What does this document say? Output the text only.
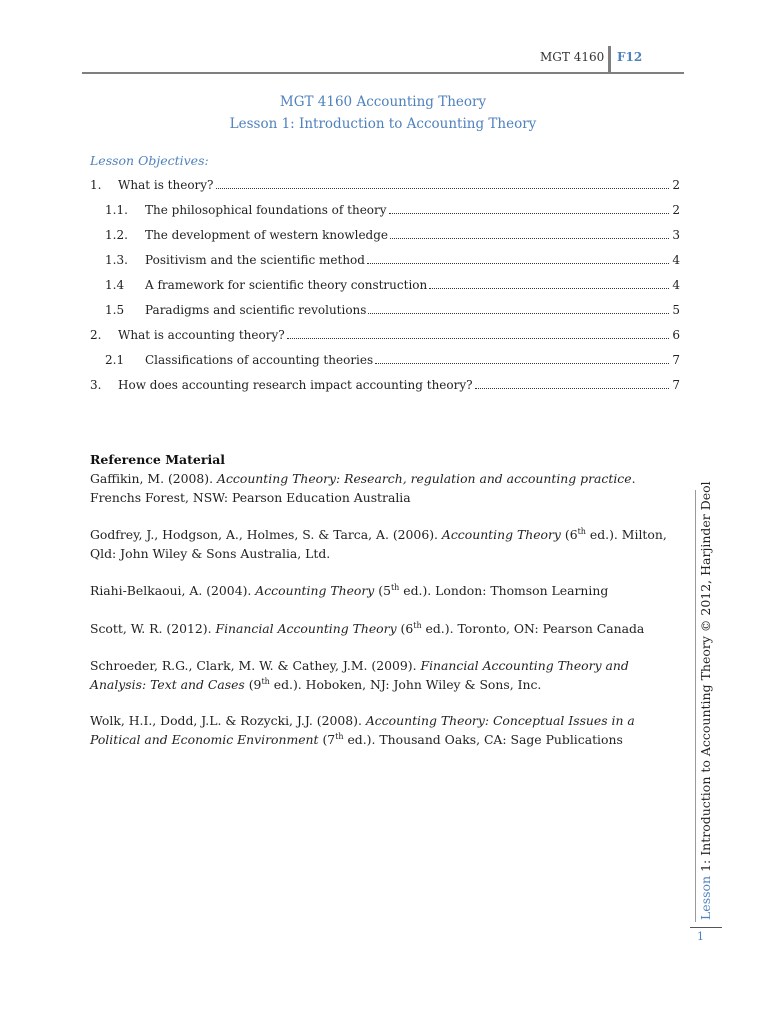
MGT 4160 F12
MGT 4160 Accounting Theory
Lesson 1: Introduction to Accounting Theory
Lesson Objectives:
1.	What is theory?	2
1.1.	The philosophical foundations of theory	2
1.2.	The development of western knowledge	3
1.3.	Positivism and the scientific method	4
1.4	A framework for scientific theory construction	4
1.5	Paradigms and scientific revolutions	5
2.	What is accounting theory?	6
2.1	Classifications of accounting theories	7
3.	How does accounting research impact accounting theory?	7
Reference Material
Gaffikin, M. (2008). Accounting Theory: Research, regulation and accounting practice. Frenchs Forest, NSW: Pearson Education Australia
Godfrey, J., Hodgson, A., Holmes, S. & Tarca, A. (2006). Accounting Theory (6th ed.). Milton, Qld: John Wiley & Sons Australia, Ltd.
Riahi-Belkaoui, A. (2004). Accounting Theory (5th ed.). London: Thomson Learning
Scott, W. R. (2012). Financial Accounting Theory (6th ed.). Toronto, ON: Pearson Canada
Schroeder, R.G., Clark, M. W. & Cathey, J.M. (2009). Financial Accounting Theory and Analysis: Text and Cases (9th ed.). Hoboken, NJ: John Wiley & Sons, Inc.
Wolk, H.I., Dodd, J.L. & Rozycki, J.J. (2008). Accounting Theory: Conceptual Issues in a Political and Economic Environment (7th ed.). Thousand Oaks, CA: Sage Publications
Lesson 1: Introduction to Accounting Theory © 2012, Harjinder Deol
1
